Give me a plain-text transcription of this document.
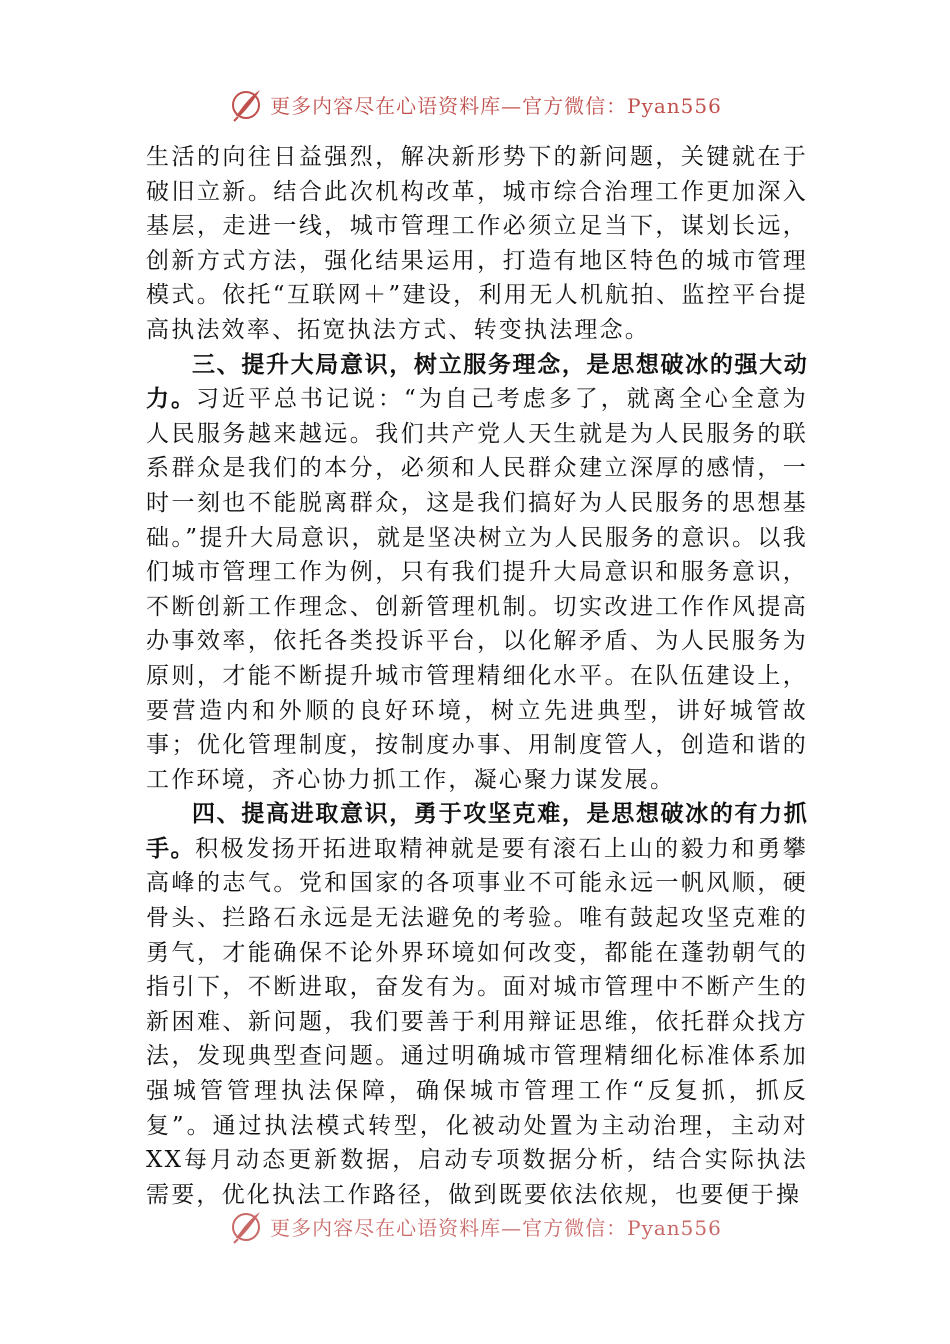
更多内容尽在心语资料库—官方微信：Pyan556

生活的向往日益强烈，解决新形势下的新问题，关键就在于破旧立新。结合此次机构改革，城市综合治理工作更加深入基层，走进一线，城市管理工作必须立足当下，谋划长远，创新方式方法，强化结果运用，打造有地区特色的城市管理模式。依托“互联网＋”建设，利用无人机航拍、监控平台提高执法效率、拓宽执法方式、转变执法理念。

三、提升大局意识，树立服务理念，是思想破冰的强大动力。习近平总书记说：“为自己考虑多了，就离全心全意为人民服务越来越远。我们共产党人天生就是为人民服务的联系群众是我们的本分，必须和人民群众建立深厚的感情，一时一刻也不能脱离群众，这是我们搞好为人民服务的思想基础。”提升大局意识，就是坚决树立为人民服务的意识。以我们城市管理工作为例，只有我们提升大局意识和服务意识，不断创新工作理念、创新管理机制。切实改进工作作风提高办事效率，依托各类投诉平台，以化解矛盾、为人民服务为原则，才能不断提升城市管理精细化水平。在队伍建设上，要营造内和外顺的良好环境，树立先进典型，讲好城管故事；优化管理制度，按制度办事、用制度管人，创造和谐的工作环境，齐心协力抓工作，凝心聚力谋发展。

四、提高进取意识，勇于攻坚克难，是思想破冰的有力抓手。积极发扬开拓进取精神就是要有滚石上山的毅力和勇攀高峰的志气。党和国家的各项事业不可能永远一帆风顺，硬骨头、拦路石永远是无法避免的考验。唯有鼓起攻坚克难的勇气，才能确保不论外界环境如何改变，都能在蓬勃朝气的指引下，不断进取，奋发有为。面对城市管理中不断产生的新困难、新问题，我们要善于利用辩证思维，依托群众找方法，发现典型查问题。通过明确城市管理精细化标准体系加强城管管理执法保障，确保城市管理工作“反复抓，抓反复”。通过执法模式转型，化被动处置为主动治理，主动对XX每月动态更新数据，启动专项数据分析，结合实际执法需要，优化执法工作路径，做到既要依法依规，也要便于操

更多内容尽在心语资料库—官方微信：Pyan556
